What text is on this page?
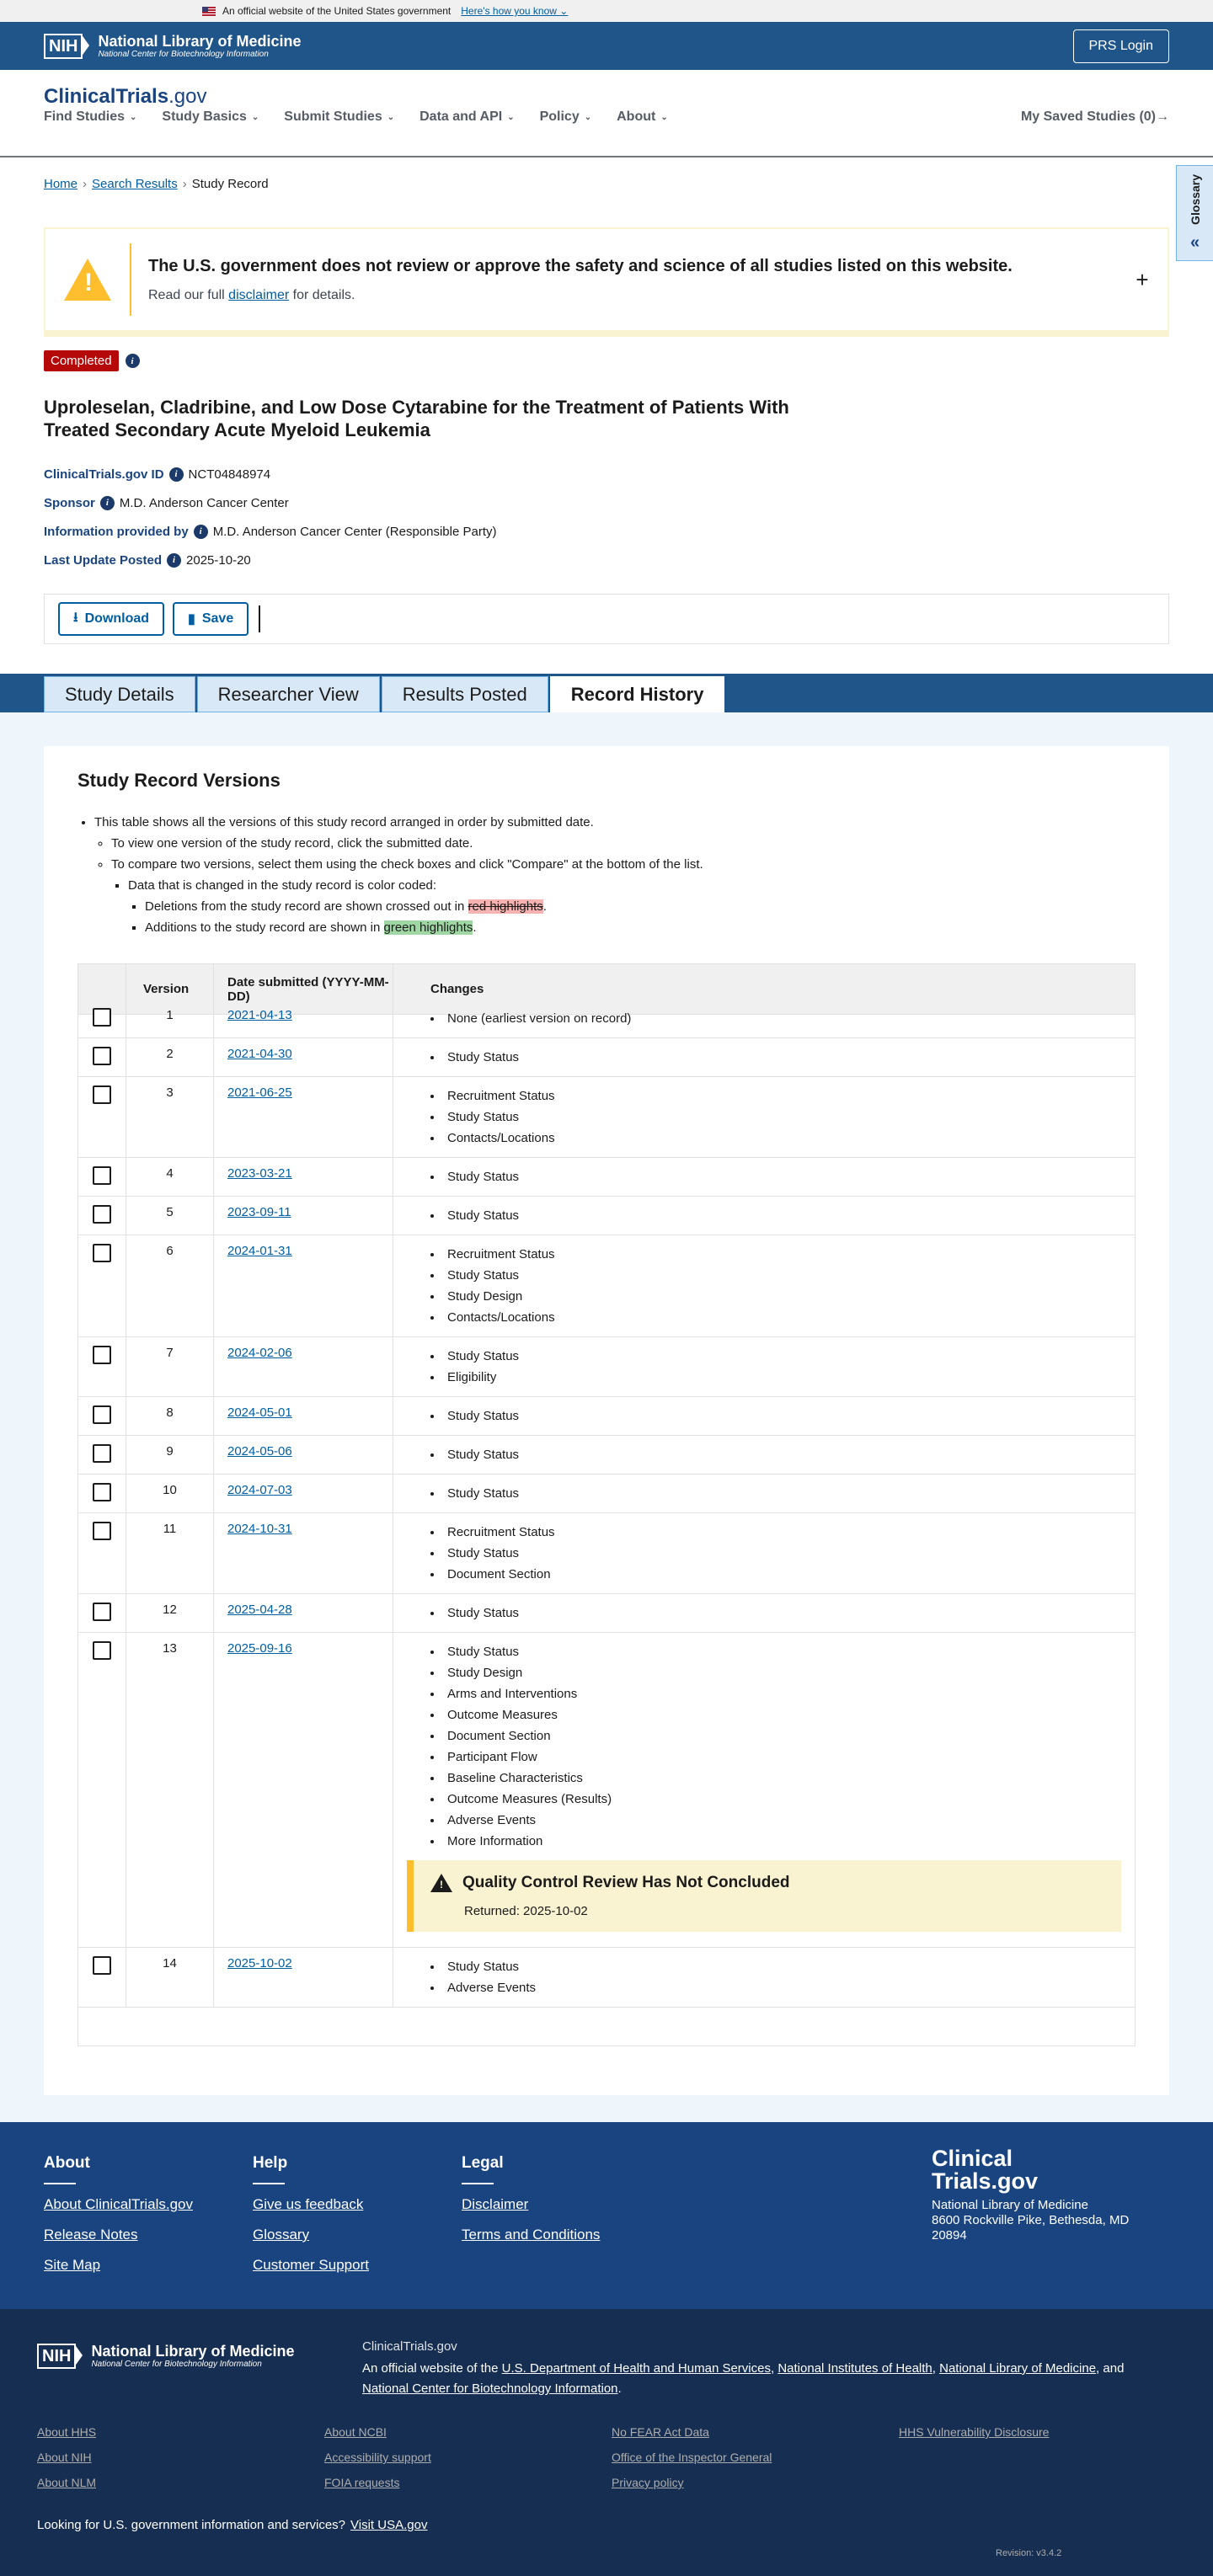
An official website of the United States government Here's how you know ⌄
NIH	National Library of Medicine
National Center for Biotechnology Information
PRS Login
ClinicalTrials.gov
Find Studies ⌄ Study Basics ⌄ Submit Studies ⌄ Data and API ⌄ Policy ⌄ About ⌄	My Saved Studies (0)→
Home › Search Results › Study Record	Glossary
«
!
The U.S. government does not review or approve the safety and science of all studies listed on this website.
Read our full disclaimer for details.
+
Completed	i
Uproleselan, Cladribine, and Low Dose Cytarabine for the Treatment of Patients With Treated Secondary Acute Myeloid Leukemia
ClinicalTrials.gov ID	i NCT04848974
Sponsor	i M.D. Anderson Cancer Center
Information provided by	i M.D. Anderson Cancer Center (Responsible Party)
Last Update Posted	i 2025-10-20
⭳ Download	▮ Save
Study Details	Researcher View	Results Posted	Record History
Study Record Versions
• This table shows all the versions of this study record arranged in order by submitted date.
◦ To view one version of the study record, click the submitted date.
◦ To compare two versions, select them using the check boxes and click "Compare" at the bottom of the list.
▪ Data that is changed in the study record is color coded:
▪ Deletions from the study record are shown crossed out in red highlights.
▪ Additions to the study record are shown in green highlights.
Version	Date submitted (YYYY-MM-DD)	Changes
1	2021-04-13	• None (earliest version on record)
2	2021-04-30	• Study Status
3	2021-06-25	• Recruitment Status
• Study Status
• Contacts/Locations
4	2023-03-21	• Study Status
5	2023-09-11	• Study Status
6	2024-01-31	• Recruitment Status
• Study Status
• Study Design
• Contacts/Locations
7	2024-02-06	• Study Status
• Eligibility
8	2024-05-01	• Study Status
9	2024-05-06	• Study Status
10	2024-07-03	• Study Status
11	2024-10-31	• Recruitment Status
• Study Status
• Document Section
12	2025-04-28	• Study Status
13	2025-09-16	• Study Status
• Study Design
• Arms and Interventions
• Outcome Measures
• Document Section
• Participant Flow
• Baseline Characteristics
• Outcome Measures (Results)
• Adverse Events
• More Information
! Quality Control Review Has Not Concluded
Returned: 2025-10-02
14	2025-10-02	• Study Status
• Adverse Events
About
About ClinicalTrials.gov
Release Notes
Site Map
Help
Give us feedback
Glossary
Customer Support
Legal
Disclaimer
Terms and Conditions
Clinical
Trials.gov
National Library of Medicine
8600 Rockville Pike, Bethesda, MD 20894
NIH	National Library of Medicine
National Center for Biotechnology Information
ClinicalTrials.gov
An official website of the U.S. Department of Health and Human Services, National Institutes of Health, National Library of Medicine, and National Center for Biotechnology Information.
About HHS	About NCBI	No FEAR Act Data	HHS Vulnerability Disclosure
About NIH	Accessibility support	Office of the Inspector General
About NLM	FOIA requests	Privacy policy
Looking for U.S. government information and services? Visit USA.gov
Revision: v3.4.2
